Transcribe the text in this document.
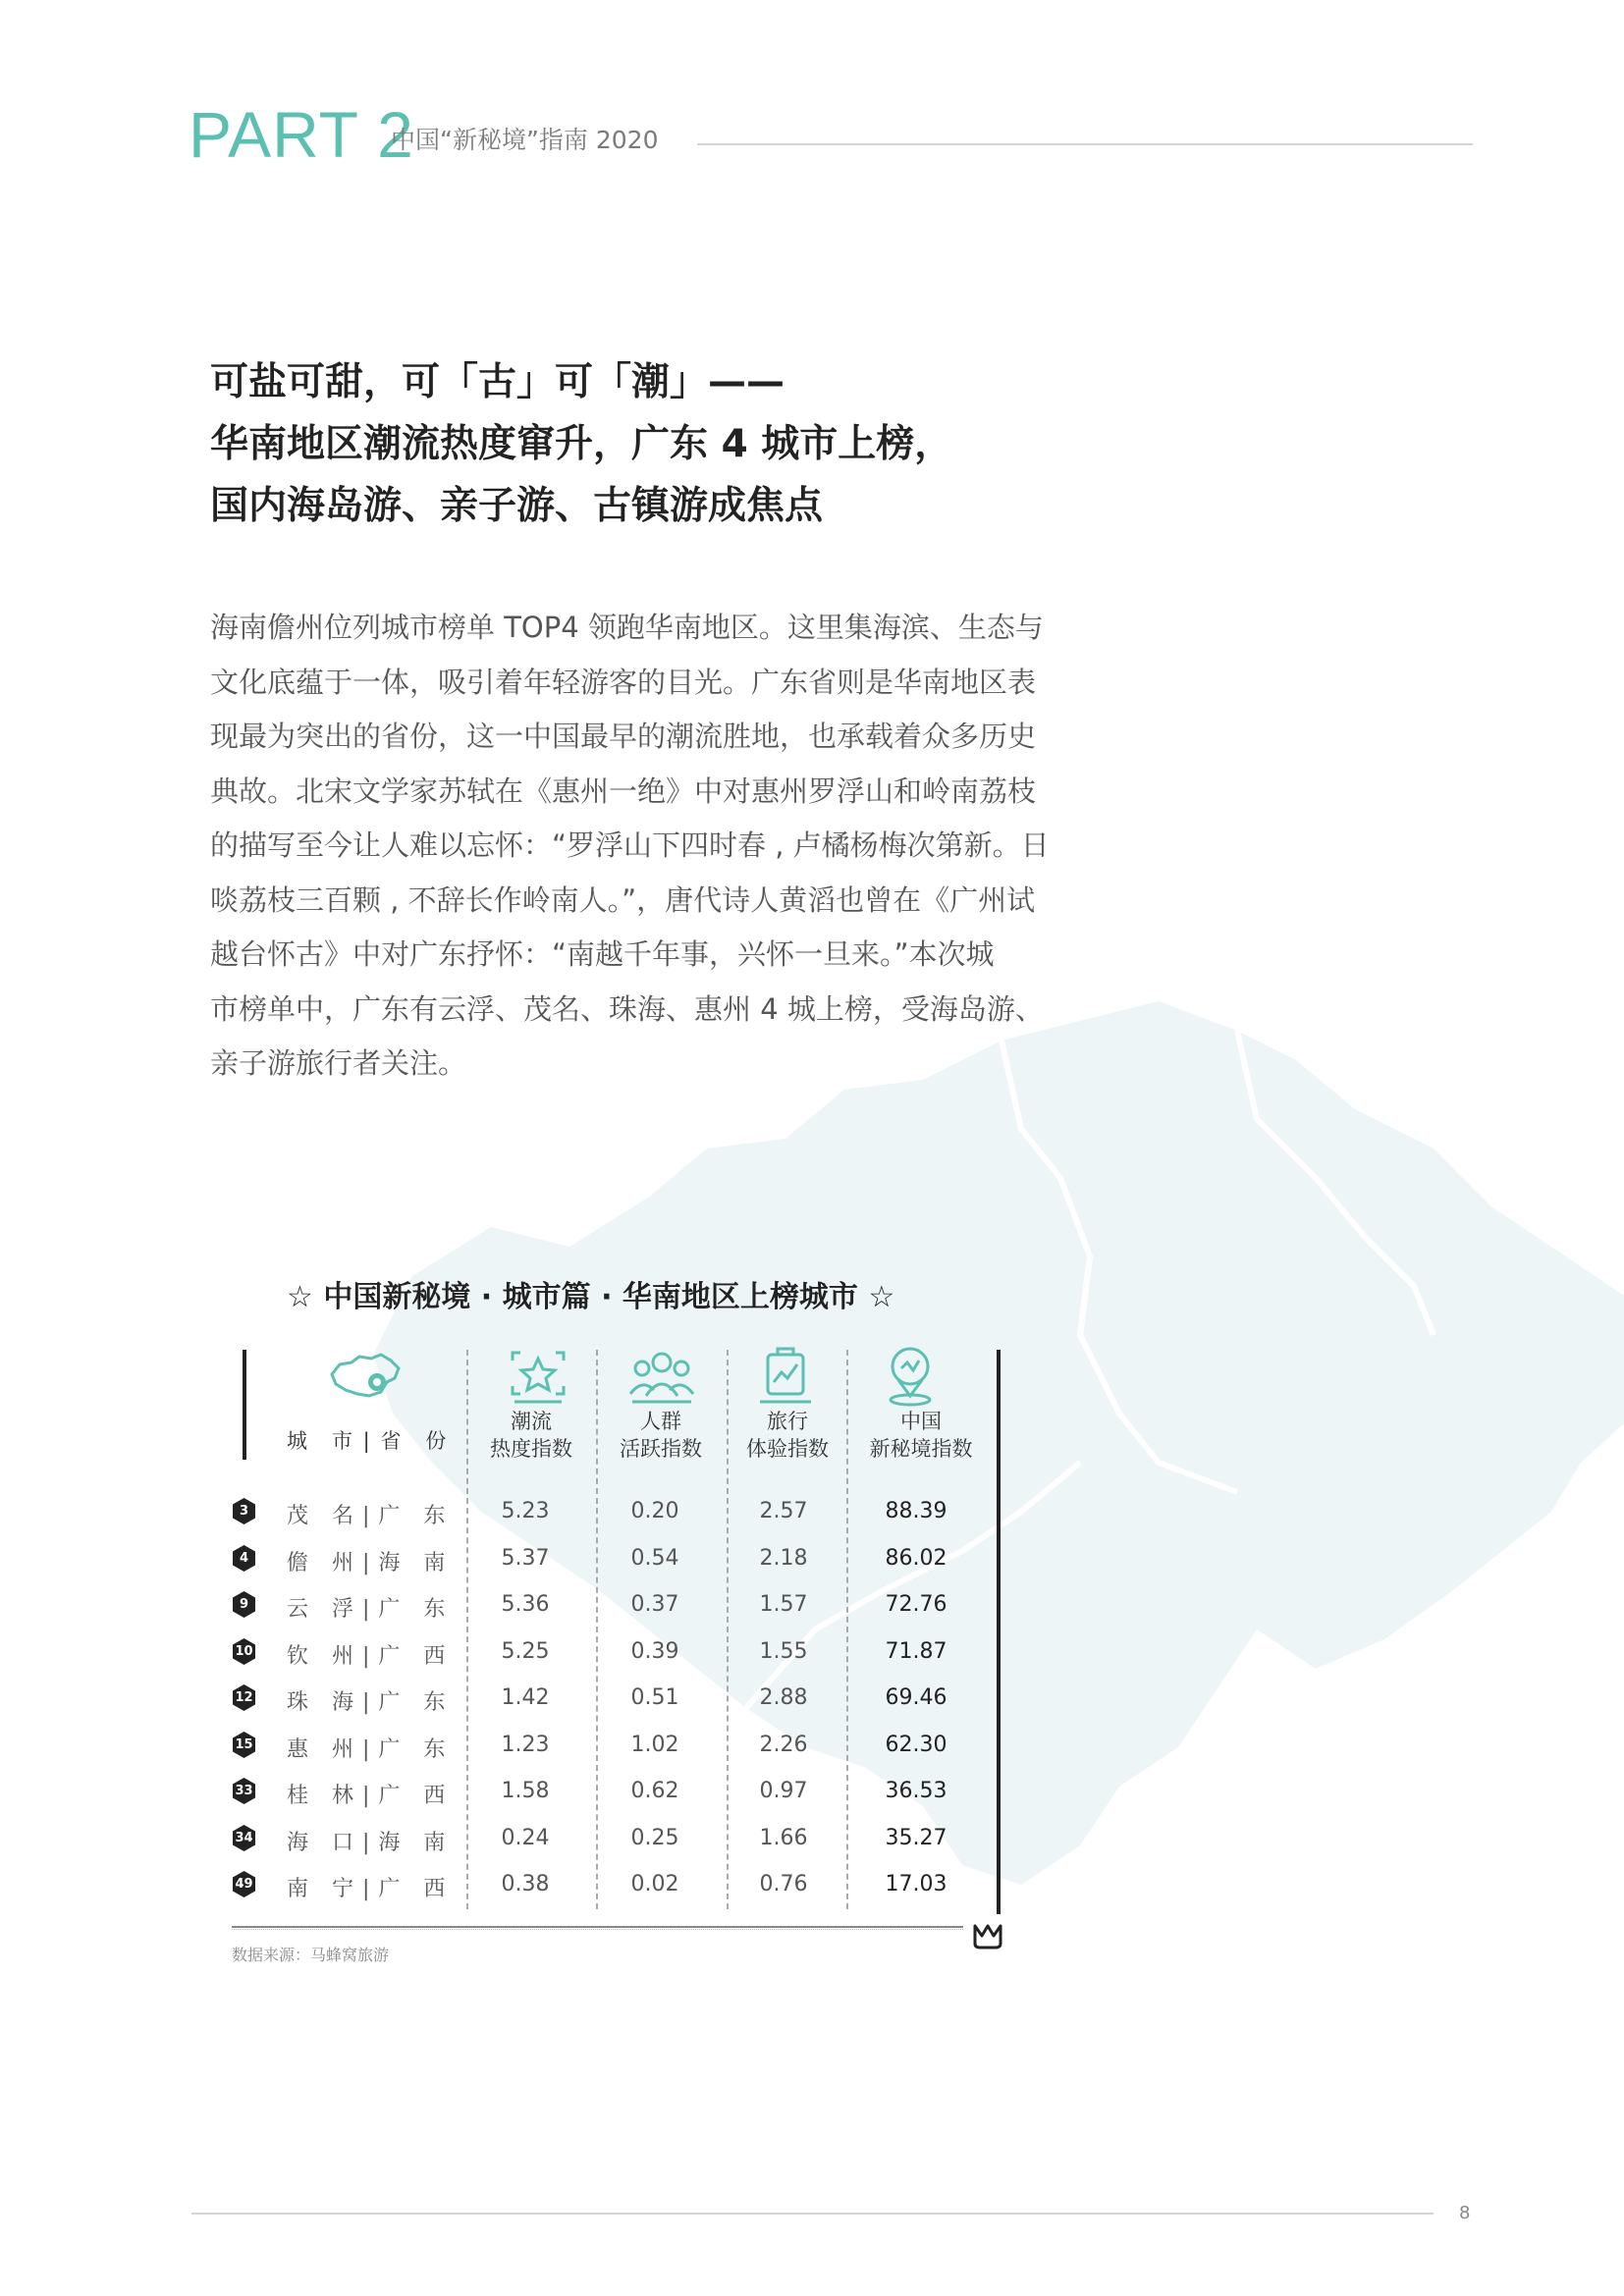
PART 2
中国“新秘境”指南 2020
可盐可甜，可「古」可「潮」——
华南地区潮流热度窜升，广东 4 城市上榜，
国内海岛游、亲子游、古镇游成焦点
海南儋州位列城市榜单 TOP4 领跑华南地区。这里集海滨、生态与
文化底蕴于一体，吸引着年轻游客的目光。广东省则是华南地区表
现最为突出的省份，这一中国最早的潮流胜地，也承载着众多历史
典故。北宋文学家苏轼在《惠州一绝》中对惠州罗浮山和岭南荔枝
的描写至今让人难以忘怀：“罗浮山下四时春 , 卢橘杨梅次第新。日
啖荔枝三百颗 , 不辞长作岭南人。”，唐代诗人黄滔也曾在《广州试
越台怀古》中对广东抒怀：“南越千年事，兴怀一旦来。”本次城
市榜单中，广东有云浮、茂名、珠海、惠州 4 城上榜，受海岛游、
亲子游旅行者关注。
☆ 中国新秘境 · 城市篇 · 华南地区上榜城市 ☆
城　市 | 省　份
潮流
热度指数
人群
活跃指数
旅行
体验指数
中国
新秘境指数
3	茂　名 | 广　东	5.23	0.20	2.57	88.39
4	儋　州 | 海　南	5.37	0.54	2.18	86.02
9	云　浮 | 广　东	5.36	0.37	1.57	72.76
10 钦　州 | 广　西	5.25	0.39	1.55	71.87
12 珠　海 | 广　东	1.42	0.51	2.88	69.46
15 惠　州 | 广　东	1.23	1.02	2.26	62.30
33 桂　林 | 广　西	1.58	0.62	0.97	36.53
34 海　口 | 海　南	0.24	0.25	1.66	35.27
49 南　宁 | 广　西	0.38	0.02	0.76	17.03
数据来源：马蜂窝旅游
8
